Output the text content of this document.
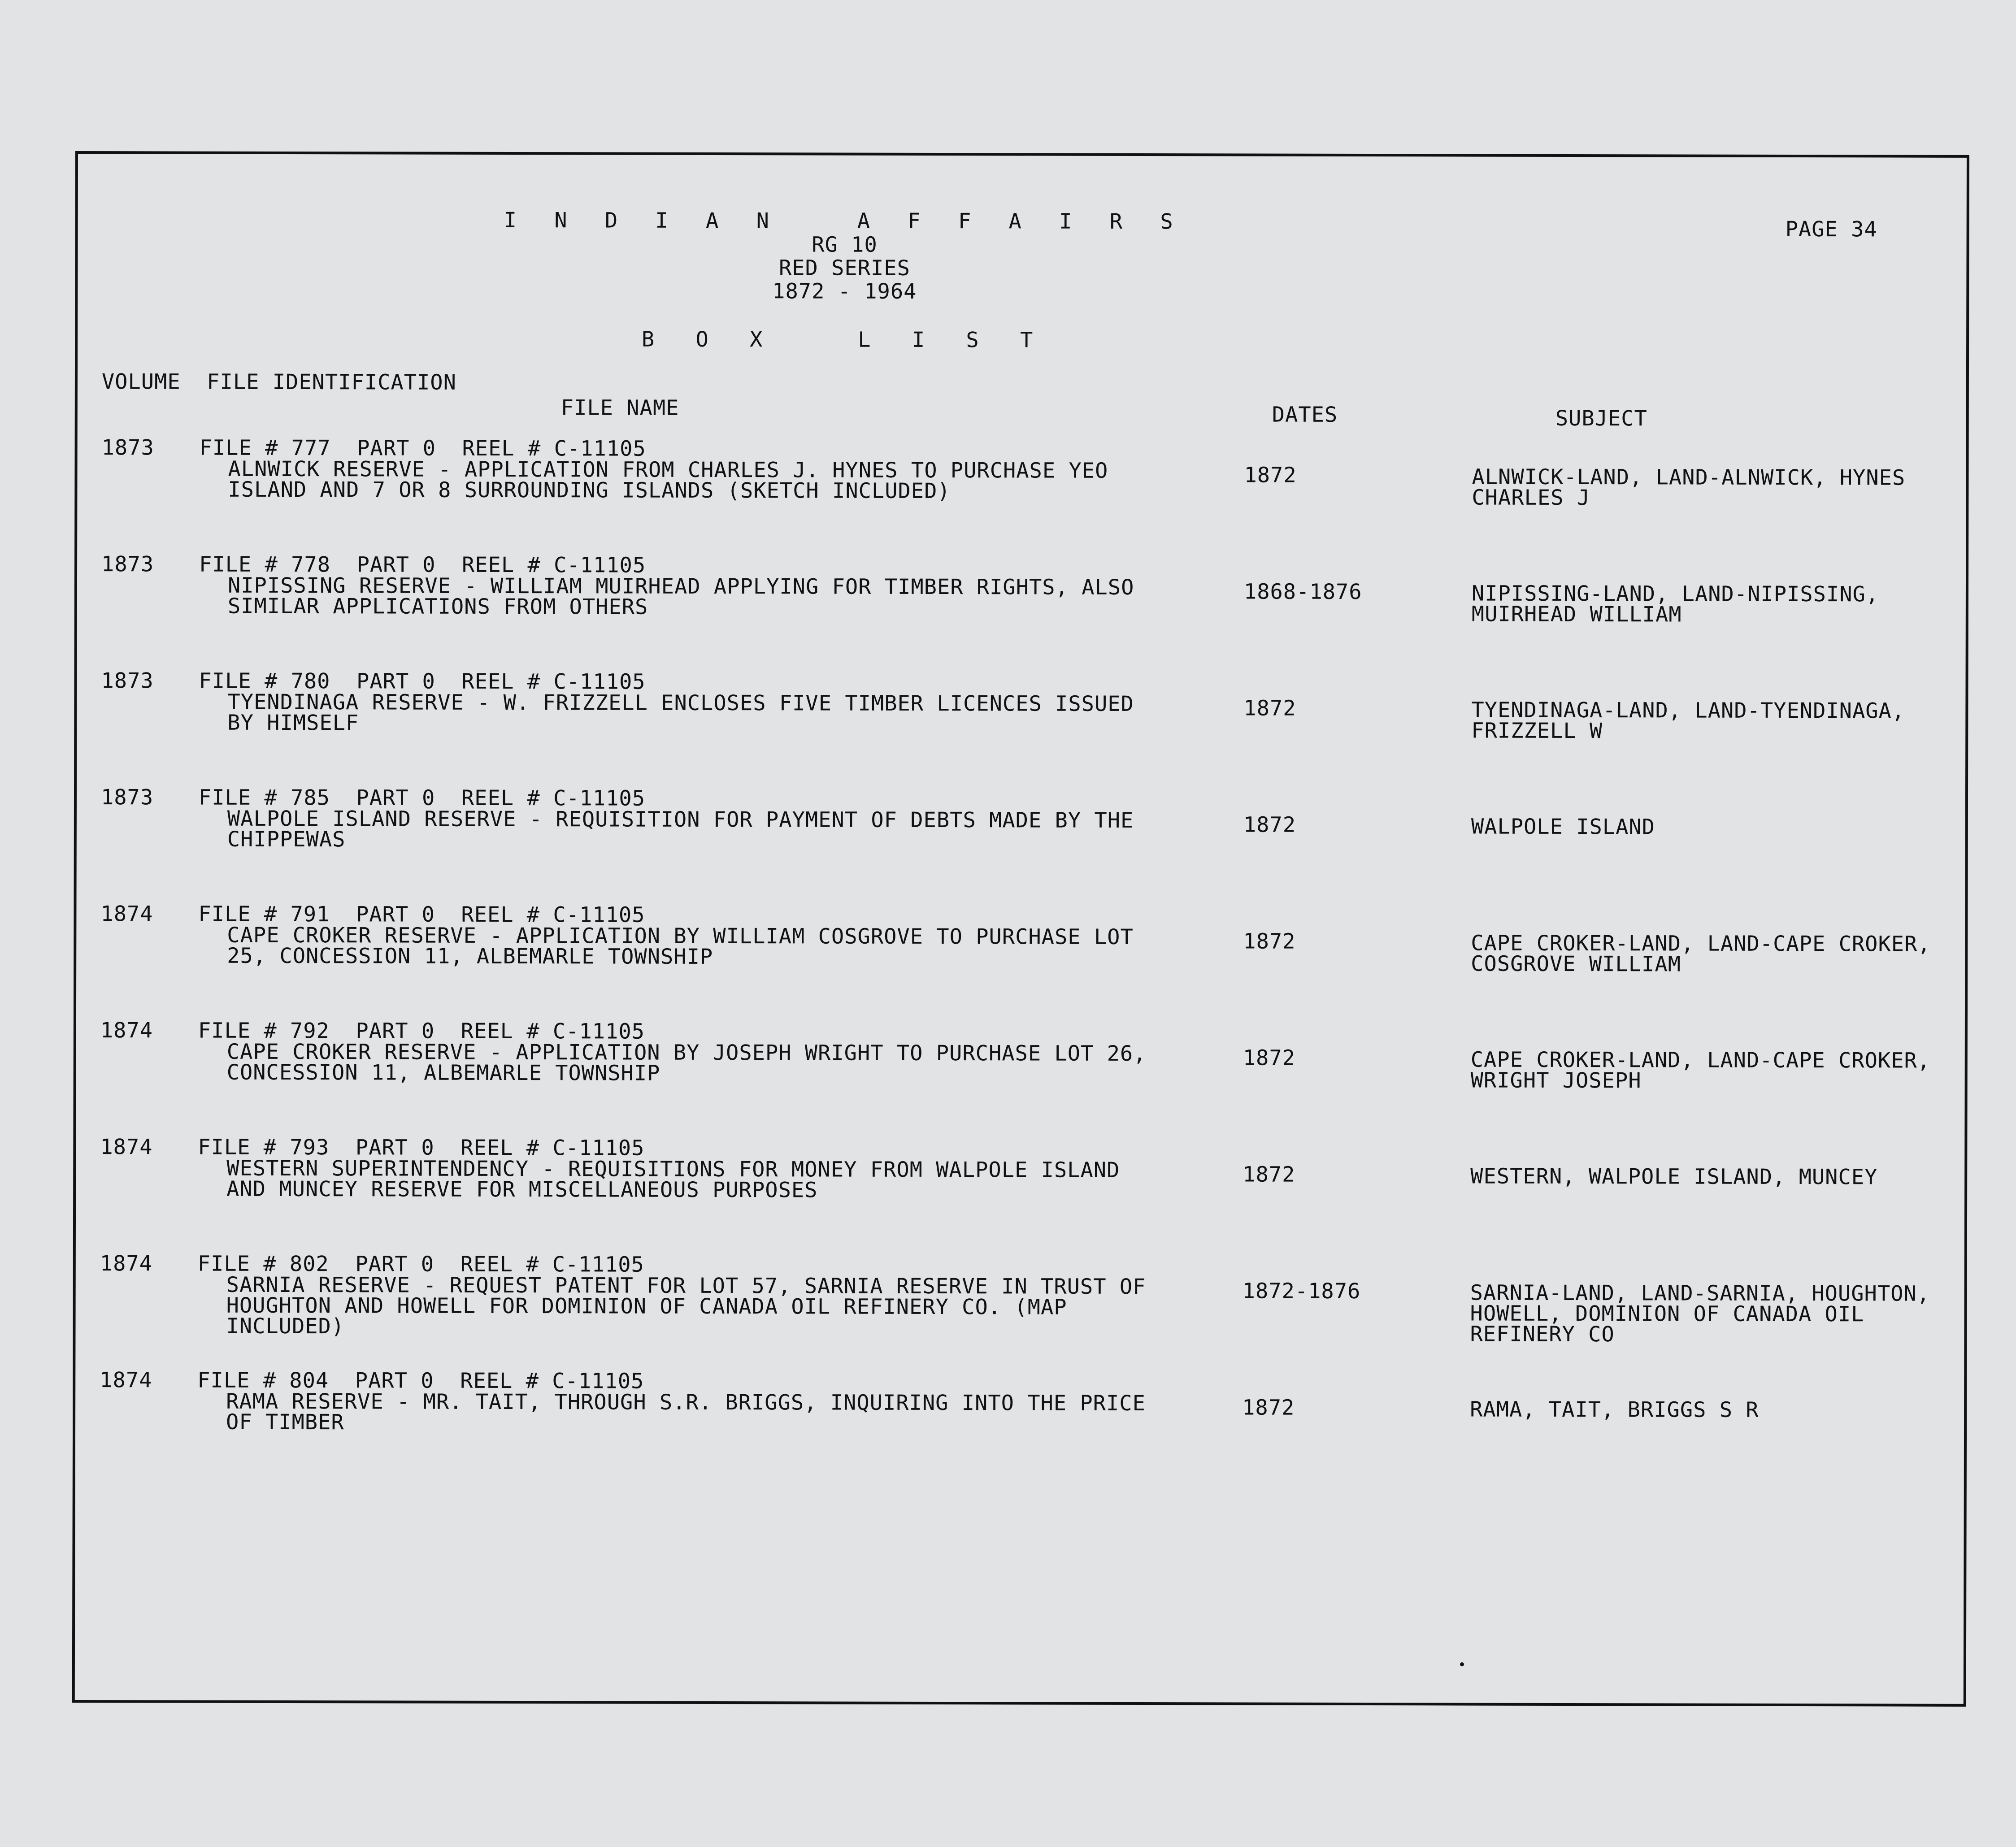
I N D I A N   A F F A I R S
RG 10
RED SERIES
1872 - 1964
B O X   L I S T
PAGE 34
VOLUME  FILE IDENTIFICATION
FILE NAME	DATES	SUBJECT
1873 FILE # 777  PART 0  REEL # C-11105
ALNWICK RESERVE - APPLICATION FROM CHARLES J. HYNES TO PURCHASE YEO
ISLAND AND 7 OR 8 SURROUNDING ISLANDS (SKETCH INCLUDED)
1872	ALNWICK-LAND, LAND-ALNWICK, HYNES
CHARLES J
1873 FILE # 778  PART 0  REEL # C-11105
NIPISSING RESERVE - WILLIAM MUIRHEAD APPLYING FOR TIMBER RIGHTS, ALSO
SIMILAR APPLICATIONS FROM OTHERS
1868-1876	NIPISSING-LAND, LAND-NIPISSING,
MUIRHEAD WILLIAM
1873 FILE # 780  PART 0  REEL # C-11105
TYENDINAGA RESERVE - W. FRIZZELL ENCLOSES FIVE TIMBER LICENCES ISSUED
BY HIMSELF
1872	TYENDINAGA-LAND, LAND-TYENDINAGA,
FRIZZELL W
1873 FILE # 785  PART 0  REEL # C-11105
WALPOLE ISLAND RESERVE - REQUISITION FOR PAYMENT OF DEBTS MADE BY THE
CHIPPEWAS
1872	WALPOLE ISLAND
1874 FILE # 791  PART 0  REEL # C-11105
CAPE CROKER RESERVE - APPLICATION BY WILLIAM COSGROVE TO PURCHASE LOT
25, CONCESSION 11, ALBEMARLE TOWNSHIP
1872	CAPE CROKER-LAND, LAND-CAPE CROKER,
COSGROVE WILLIAM
1874 FILE # 792  PART 0  REEL # C-11105
CAPE CROKER RESERVE - APPLICATION BY JOSEPH WRIGHT TO PURCHASE LOT 26,
CONCESSION 11, ALBEMARLE TOWNSHIP
1872	CAPE CROKER-LAND, LAND-CAPE CROKER,
WRIGHT JOSEPH
1874 FILE # 793  PART 0  REEL # C-11105
WESTERN SUPERINTENDENCY - REQUISITIONS FOR MONEY FROM WALPOLE ISLAND
AND MUNCEY RESERVE FOR MISCELLANEOUS PURPOSES
1872	WESTERN, WALPOLE ISLAND, MUNCEY
1874 FILE # 802  PART 0  REEL # C-11105
SARNIA RESERVE - REQUEST PATENT FOR LOT 57, SARNIA RESERVE IN TRUST OF
HOUGHTON AND HOWELL FOR DOMINION OF CANADA OIL REFINERY CO. (MAP
INCLUDED)
1872-1876	SARNIA-LAND, LAND-SARNIA, HOUGHTON,
HOWELL, DOMINION OF CANADA OIL
REFINERY CO
1874 FILE # 804  PART 0  REEL # C-11105
RAMA RESERVE - MR. TAIT, THROUGH S.R. BRIGGS, INQUIRING INTO THE PRICE
OF TIMBER
1872	RAMA, TAIT, BRIGGS S R
